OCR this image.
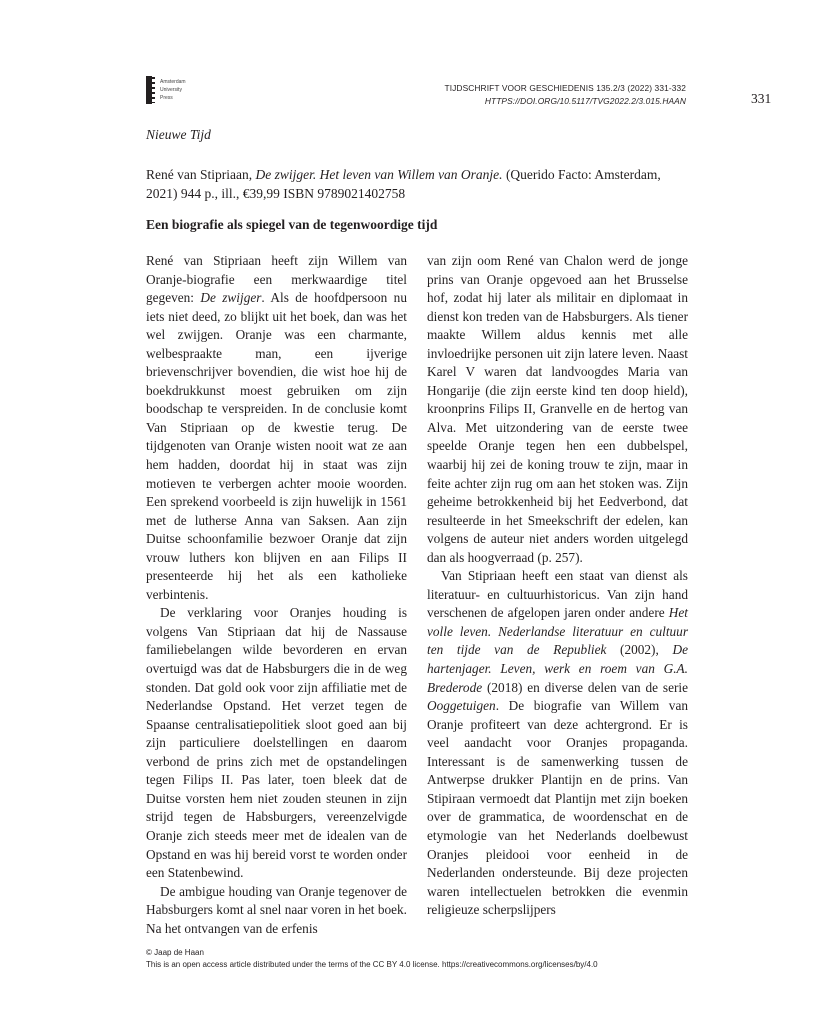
Amsterdam
University
Press
TIJDSCHRIFT VOOR GESCHIEDENIS 135.2/3 (2022) 331-332
HTTPS://DOI.ORG/10.5117/TVG2022.2/3.015.HAAN	331
Nieuwe Tijd
René van Stipriaan, De zwijger. Het leven van Willem van Oranje. (Querido Facto: Amsterdam, 2021) 944 p., ill., €39,99 ISBN 9789021402758
Een biografie als spiegel van de tegenwoordige tijd

René van Stipriaan heeft zijn Willem van Oranje-biografie een merkwaardige titel gegeven: De zwijger. Als de hoofdpersoon nu iets niet deed, zo blijkt uit het boek, dan was het wel zwijgen. Oranje was een charmante, welbespraakte man, een ijverige brievenschrijver bovendien, die wist hoe hij de boekdrukkunst moest gebruiken om zijn boodschap te verspreiden. In de conclusie komt Van Stipriaan op de kwestie terug. De tijdgenoten van Oranje wisten nooit wat ze aan hem hadden, doordat hij in staat was zijn motieven te verbergen achter mooie woorden. Een sprekend voorbeeld is zijn huwelijk in 1561 met de lutherse Anna van Saksen. Aan zijn Duitse schoonfamilie bezwoer Oranje dat zijn vrouw luthers kon blijven en aan Filips II presenteerde hij het als een katholieke verbintenis.

De verklaring voor Oranjes houding is volgens Van Stipriaan dat hij de Nassause familiebelangen wilde bevorderen en ervan overtuigd was dat de Habsburgers die in de weg stonden. Dat gold ook voor zijn affiliatie met de Nederlandse Opstand. Het verzet tegen de Spaanse centralisatiepolitiek sloot goed aan bij zijn particuliere doelstellingen en daarom verbond de prins zich met de opstandelingen tegen Filips II. Pas later, toen bleek dat de Duitse vorsten hem niet zouden steunen in zijn strijd tegen de Habsburgers, vereenzelvigde Oranje zich steeds meer met de idealen van de Opstand en was hij bereid vorst te worden onder een Statenbewind.

De ambigue houding van Oranje tegenover de Habsburgers komt al snel naar voren in het boek. Na het ontvangen van de erfenis

van zijn oom René van Chalon werd de jonge prins van Oranje opgevoed aan het Brusselse hof, zodat hij later als militair en diplomaat in dienst kon treden van de Habsburgers. Als tiener maakte Willem aldus kennis met alle invloedrijke personen uit zijn latere leven. Naast Karel V waren dat landvoogdes Maria van Hongarije (die zijn eerste kind ten doop hield), kroonprins Filips II, Granvelle en de hertog van Alva. Met uitzondering van de eerste twee speelde Oranje tegen hen een dubbelspel, waarbij hij zei de koning trouw te zijn, maar in feite achter zijn rug om aan het stoken was. Zijn geheime betrokkenheid bij het Eedverbond, dat resulteerde in het Smeekschrift der edelen, kan volgens de auteur niet anders worden uitgelegd dan als hoogverraad (p. 257).

Van Stipriaan heeft een staat van dienst als literatuur- en cultuurhistoricus. Van zijn hand verschenen de afgelopen jaren onder andere Het volle leven. Nederlandse literatuur en cultuur ten tijde van de Republiek (2002), De hartenjager. Leven, werk en roem van G.A. Brederode (2018) en diverse delen van de serie Ooggetuigen. De biografie van Willem van Oranje profiteert van deze achtergrond. Er is veel aandacht voor Oranjes propaganda. Interessant is de samenwerking tussen de Antwerpse drukker Plantijn en de prins. Van Stipiraan vermoedt dat Plantijn met zijn boeken over de grammatica, de woordenschat en de etymologie van het Nederlands doelbewust Oranjes pleidooi voor eenheid in de Nederlanden ondersteunde. Bij deze projecten waren intellectuelen betrokken die evenmin religieuze scherpslijpers

© Jaap de Haan
This is an open access article distributed under the terms of the CC BY 4.0 license. https://creativecommons.org/licenses/by/4.0
